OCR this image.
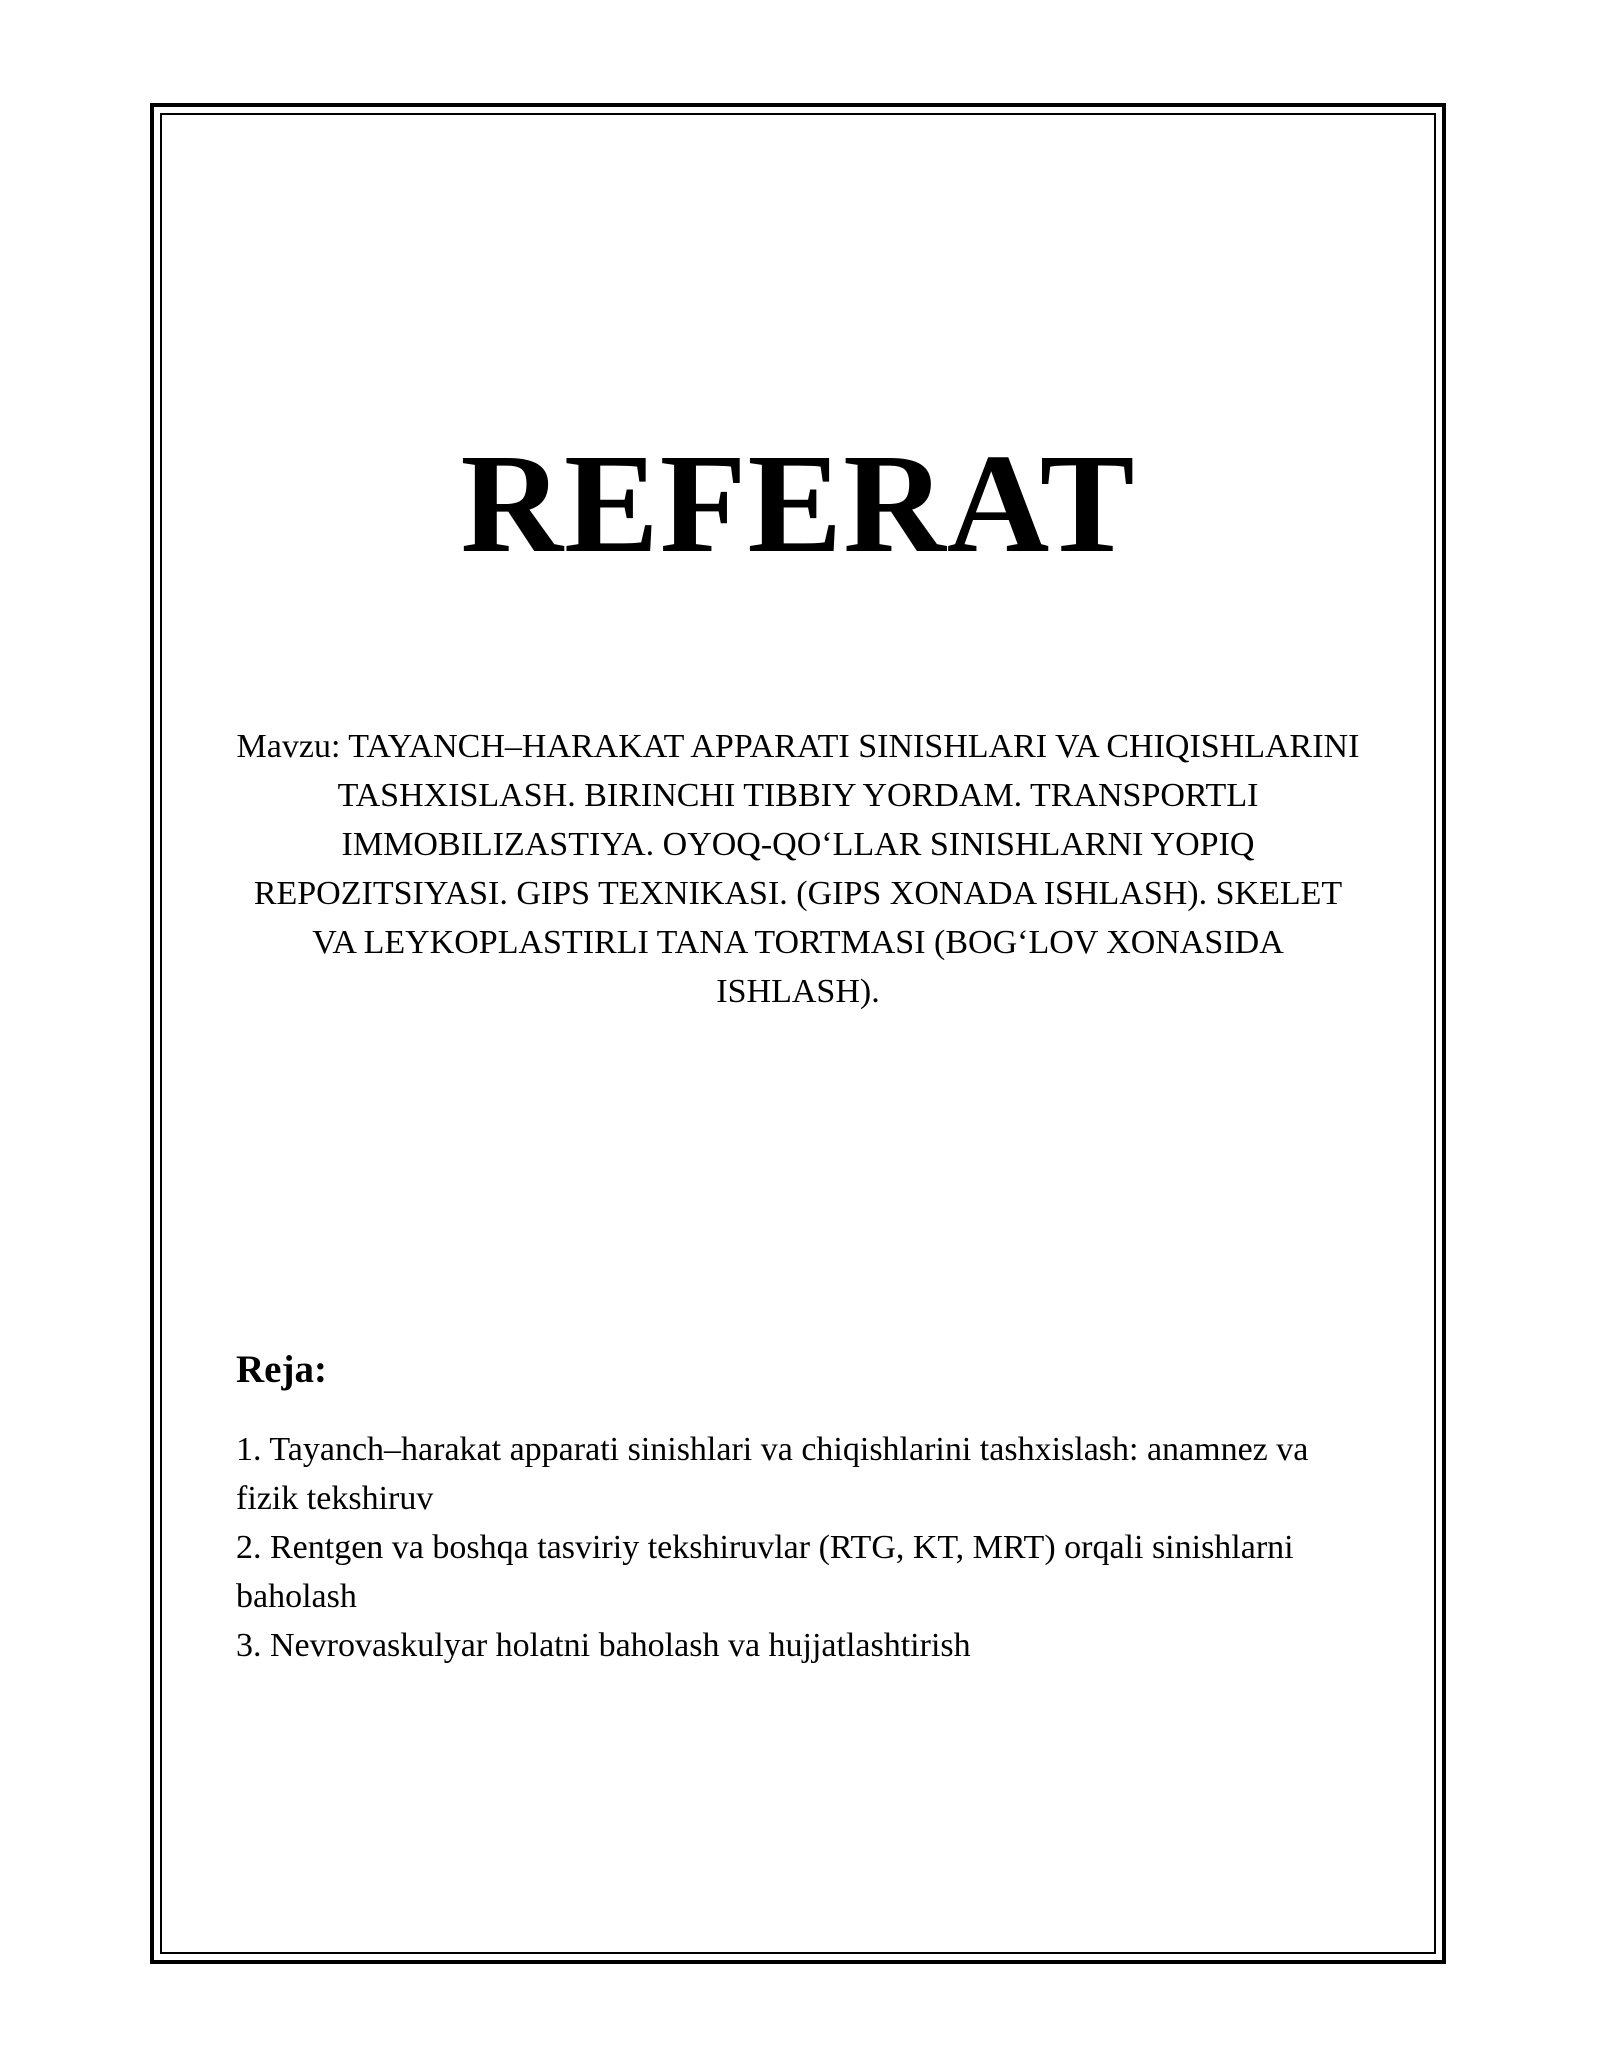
REFERAT

Mavzu: TAYANCH–HARAKAT APPARATI SINISHLARI VA CHIQISHLARINI TASHXISLASH. BIRINCHI TIBBIY YORDAM. TRANSPORTLI IMMOBILIZASTIYA. OYOQ-QO‘LLAR SINISHLARNI YOPIQ REPOZITSIYASI. GIPS TEXNIKASI. (GIPS XONADA ISHLASH). SKELET VA LEYKOPLASTIRLI TANA TORTMASI (BOG‘LOV XONASIDA ISHLASH).

Reja:
1. Tayanch–harakat apparati sinishlari va chiqishlarini tashxislash: anamnez va fizik tekshiruv
2. Rentgen va boshqa tasviriy tekshiruvlar (RTG, KT, MRT) orqali sinishlarni baholash
3. Nevrovaskulyar holatni baholash va hujjatlashtirish
